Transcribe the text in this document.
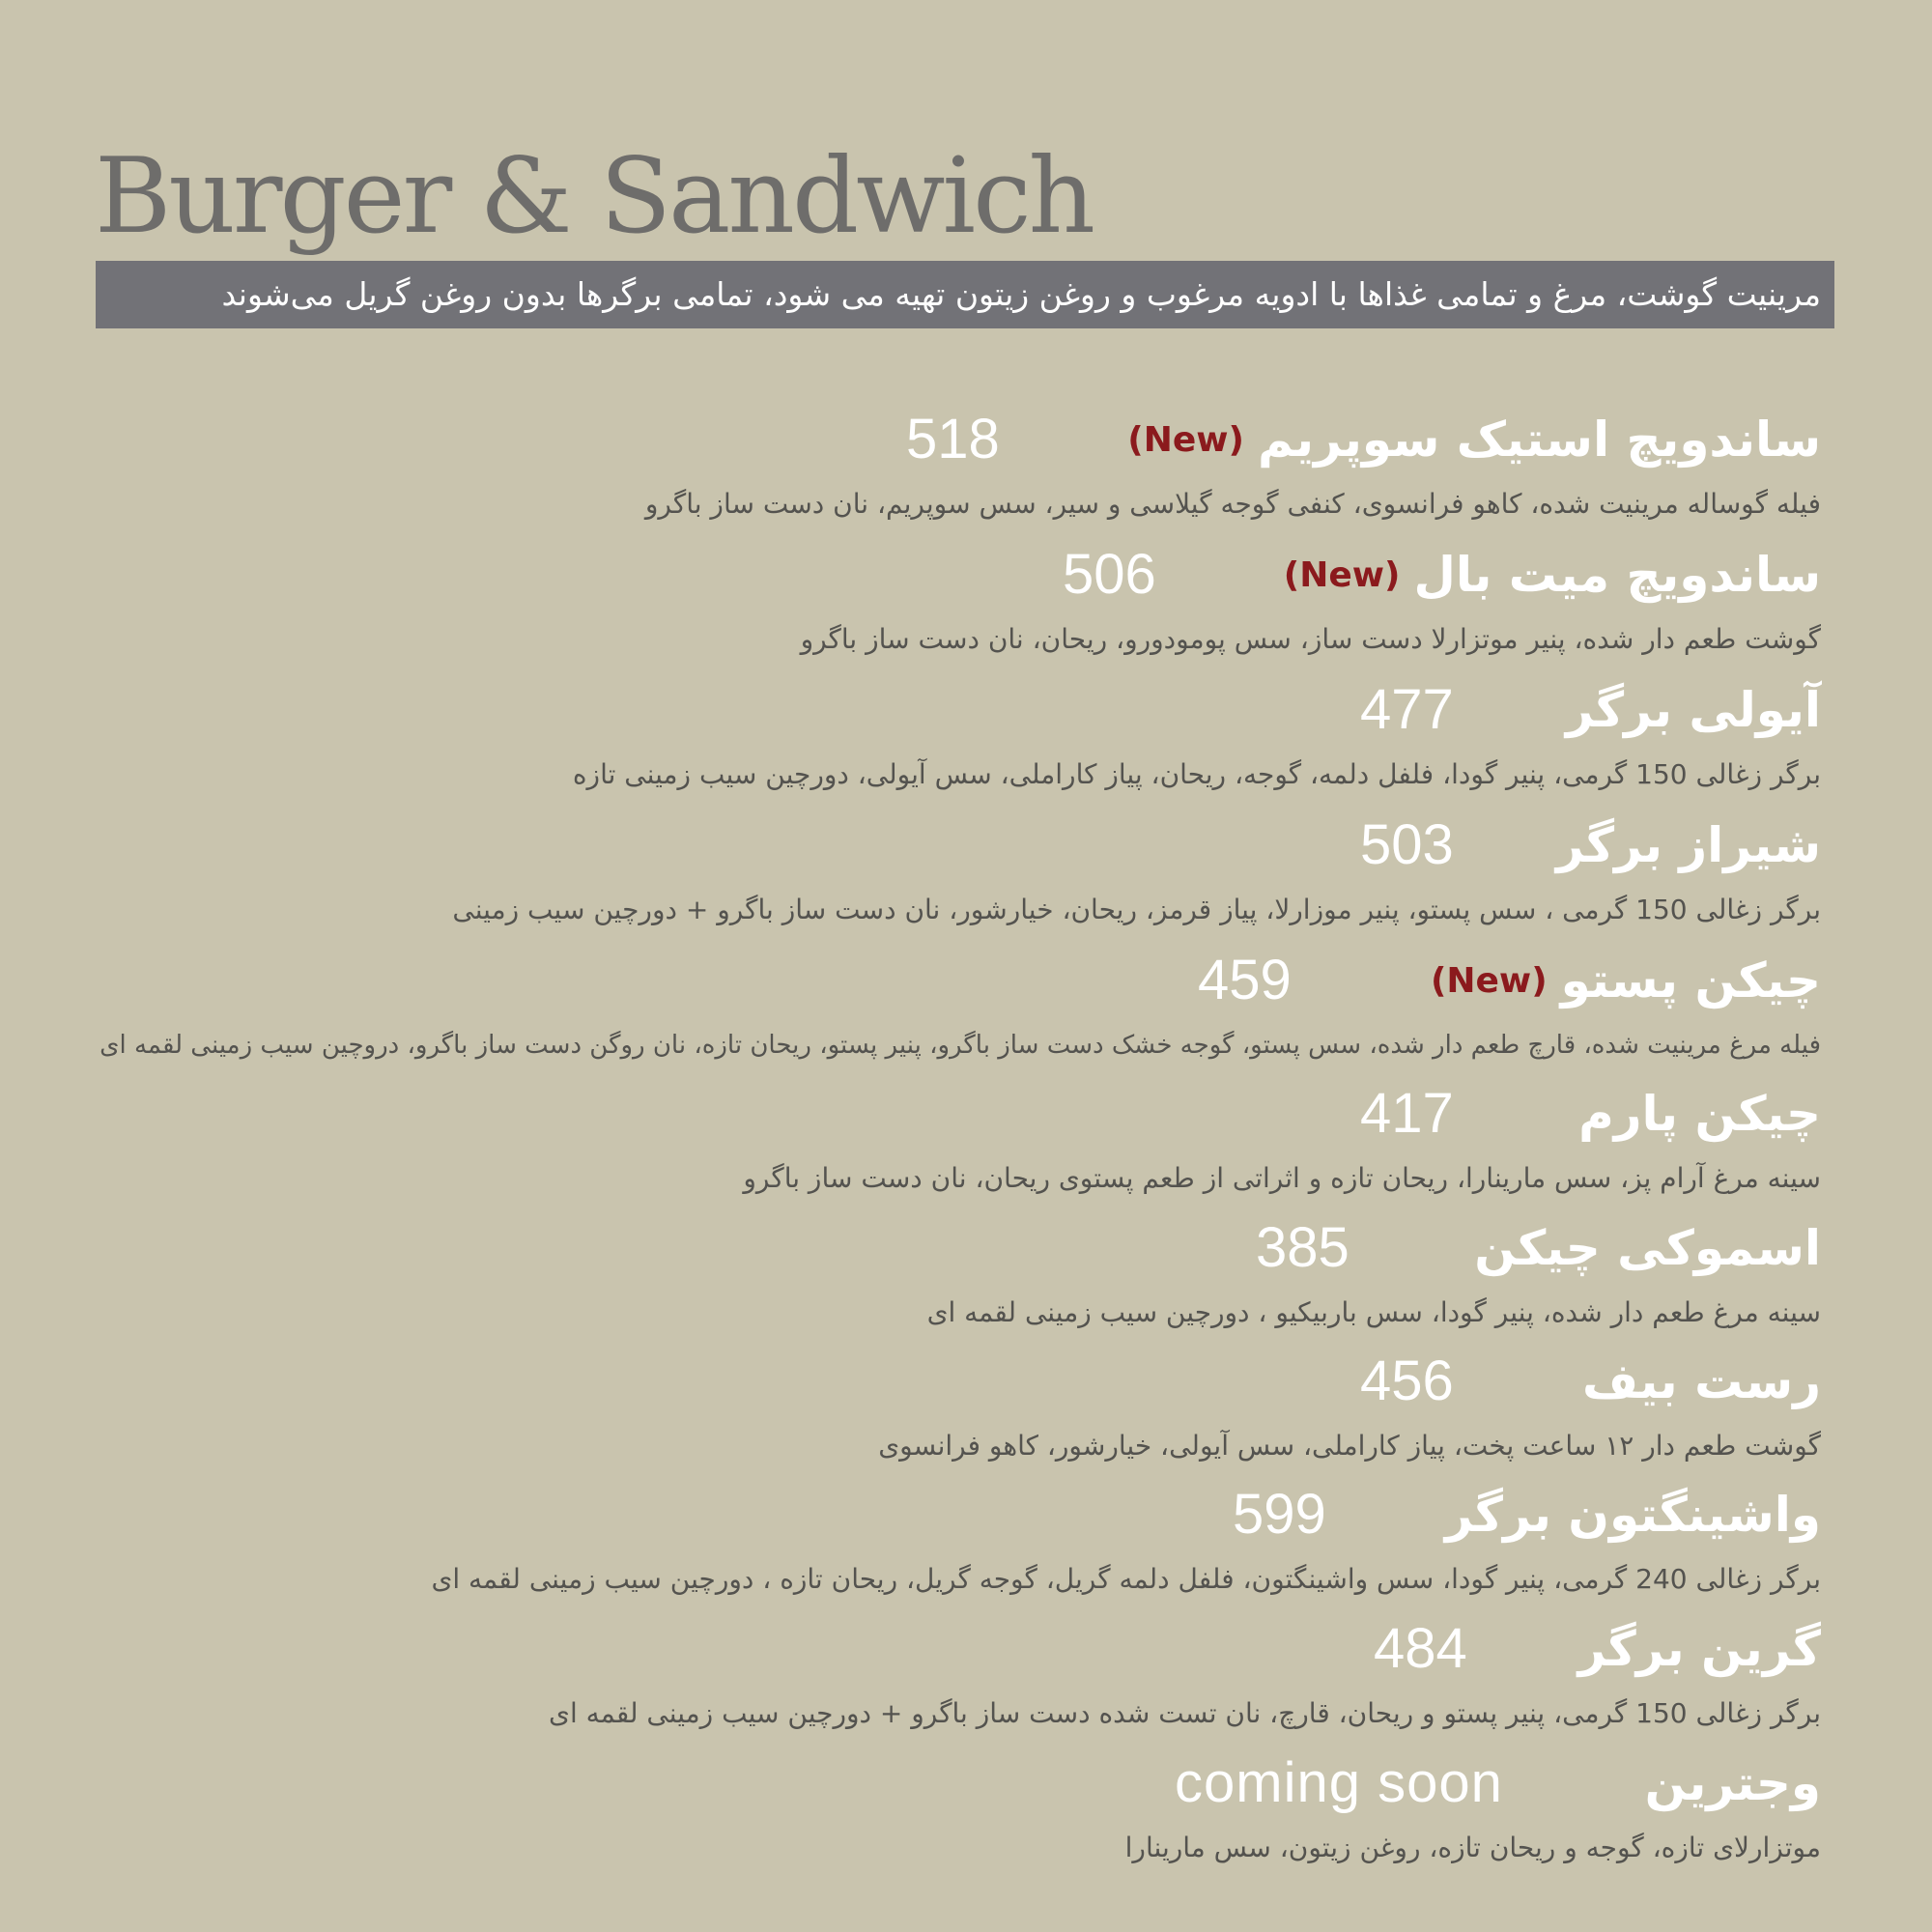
Burger & Sandwich
مرینیت گوشت، مرغ و تمامی غذاها با ادویه مرغوب و روغن زیتون تهیه می شود، تمامی برگرها بدون روغن گریل می‌شوند
ساندویچ استیک سوپریم
(New)
518
فیله گوساله مرینیت شده، کاهو فرانسوی، کنفی گوجه گیلاسی و سیر، سس سوپریم، نان دست ساز باگرو
ساندویچ میت بال
(New)
506
گوشت طعم دار شده، پنیر موتزارلا دست ساز، سس پومودورو، ریحان، نان دست ساز باگرو
آیولی برگر
477
برگر زغالی 150 گرمی، پنیر گودا، فلفل دلمه، گوجه، ریحان، پیاز کاراملی، سس آیولی، دورچین سیب زمینی تازه
شیراز برگر
503
برگر زغالی 150 گرمی ، سس پستو، پنیر موزارلا، پیاز قرمز، ریحان، خیارشور، نان دست ساز باگرو + دورچین سیب زمینی
چیکن پستو
(New)
459
فیله مرغ مرینیت شده، قارچ طعم دار شده، سس پستو، گوجه خشک دست ساز باگرو، پنیر پستو، ریحان تازه، نان روگن دست ساز باگرو، دروچین سیب زمینی لقمه ای
چیکن پارم
417
سینه مرغ آرام پز، سس مارینارا، ریحان تازه و اثراتی از طعم پستوی ریحان، نان دست ساز باگرو
اسموکی چیکن
385
سینه مرغ طعم دار شده، پنیر گودا، سس باربیکیو ، دورچین سیب زمینی لقمه ای
رست بیف
456
گوشت طعم دار ۱۲ ساعت پخت، پیاز کاراملی، سس آیولی، خیارشور، کاهو فرانسوی
واشینگتون برگر
599
برگر زغالی 240 گرمی، پنیر گودا، سس واشینگتون، فلفل دلمه گریل، گوجه گریل، ریحان تازه ، دورچین سیب زمینی لقمه ای
گرین برگر
484
برگر زغالی 150 گرمی، پنیر پستو و ریحان، قارچ، نان تست شده دست ساز باگرو + دورچین سیب زمینی لقمه ای
وجترین
coming soon
موتزارلای تازه، گوجه و ریحان تازه، روغن زیتون، سس مارینارا
